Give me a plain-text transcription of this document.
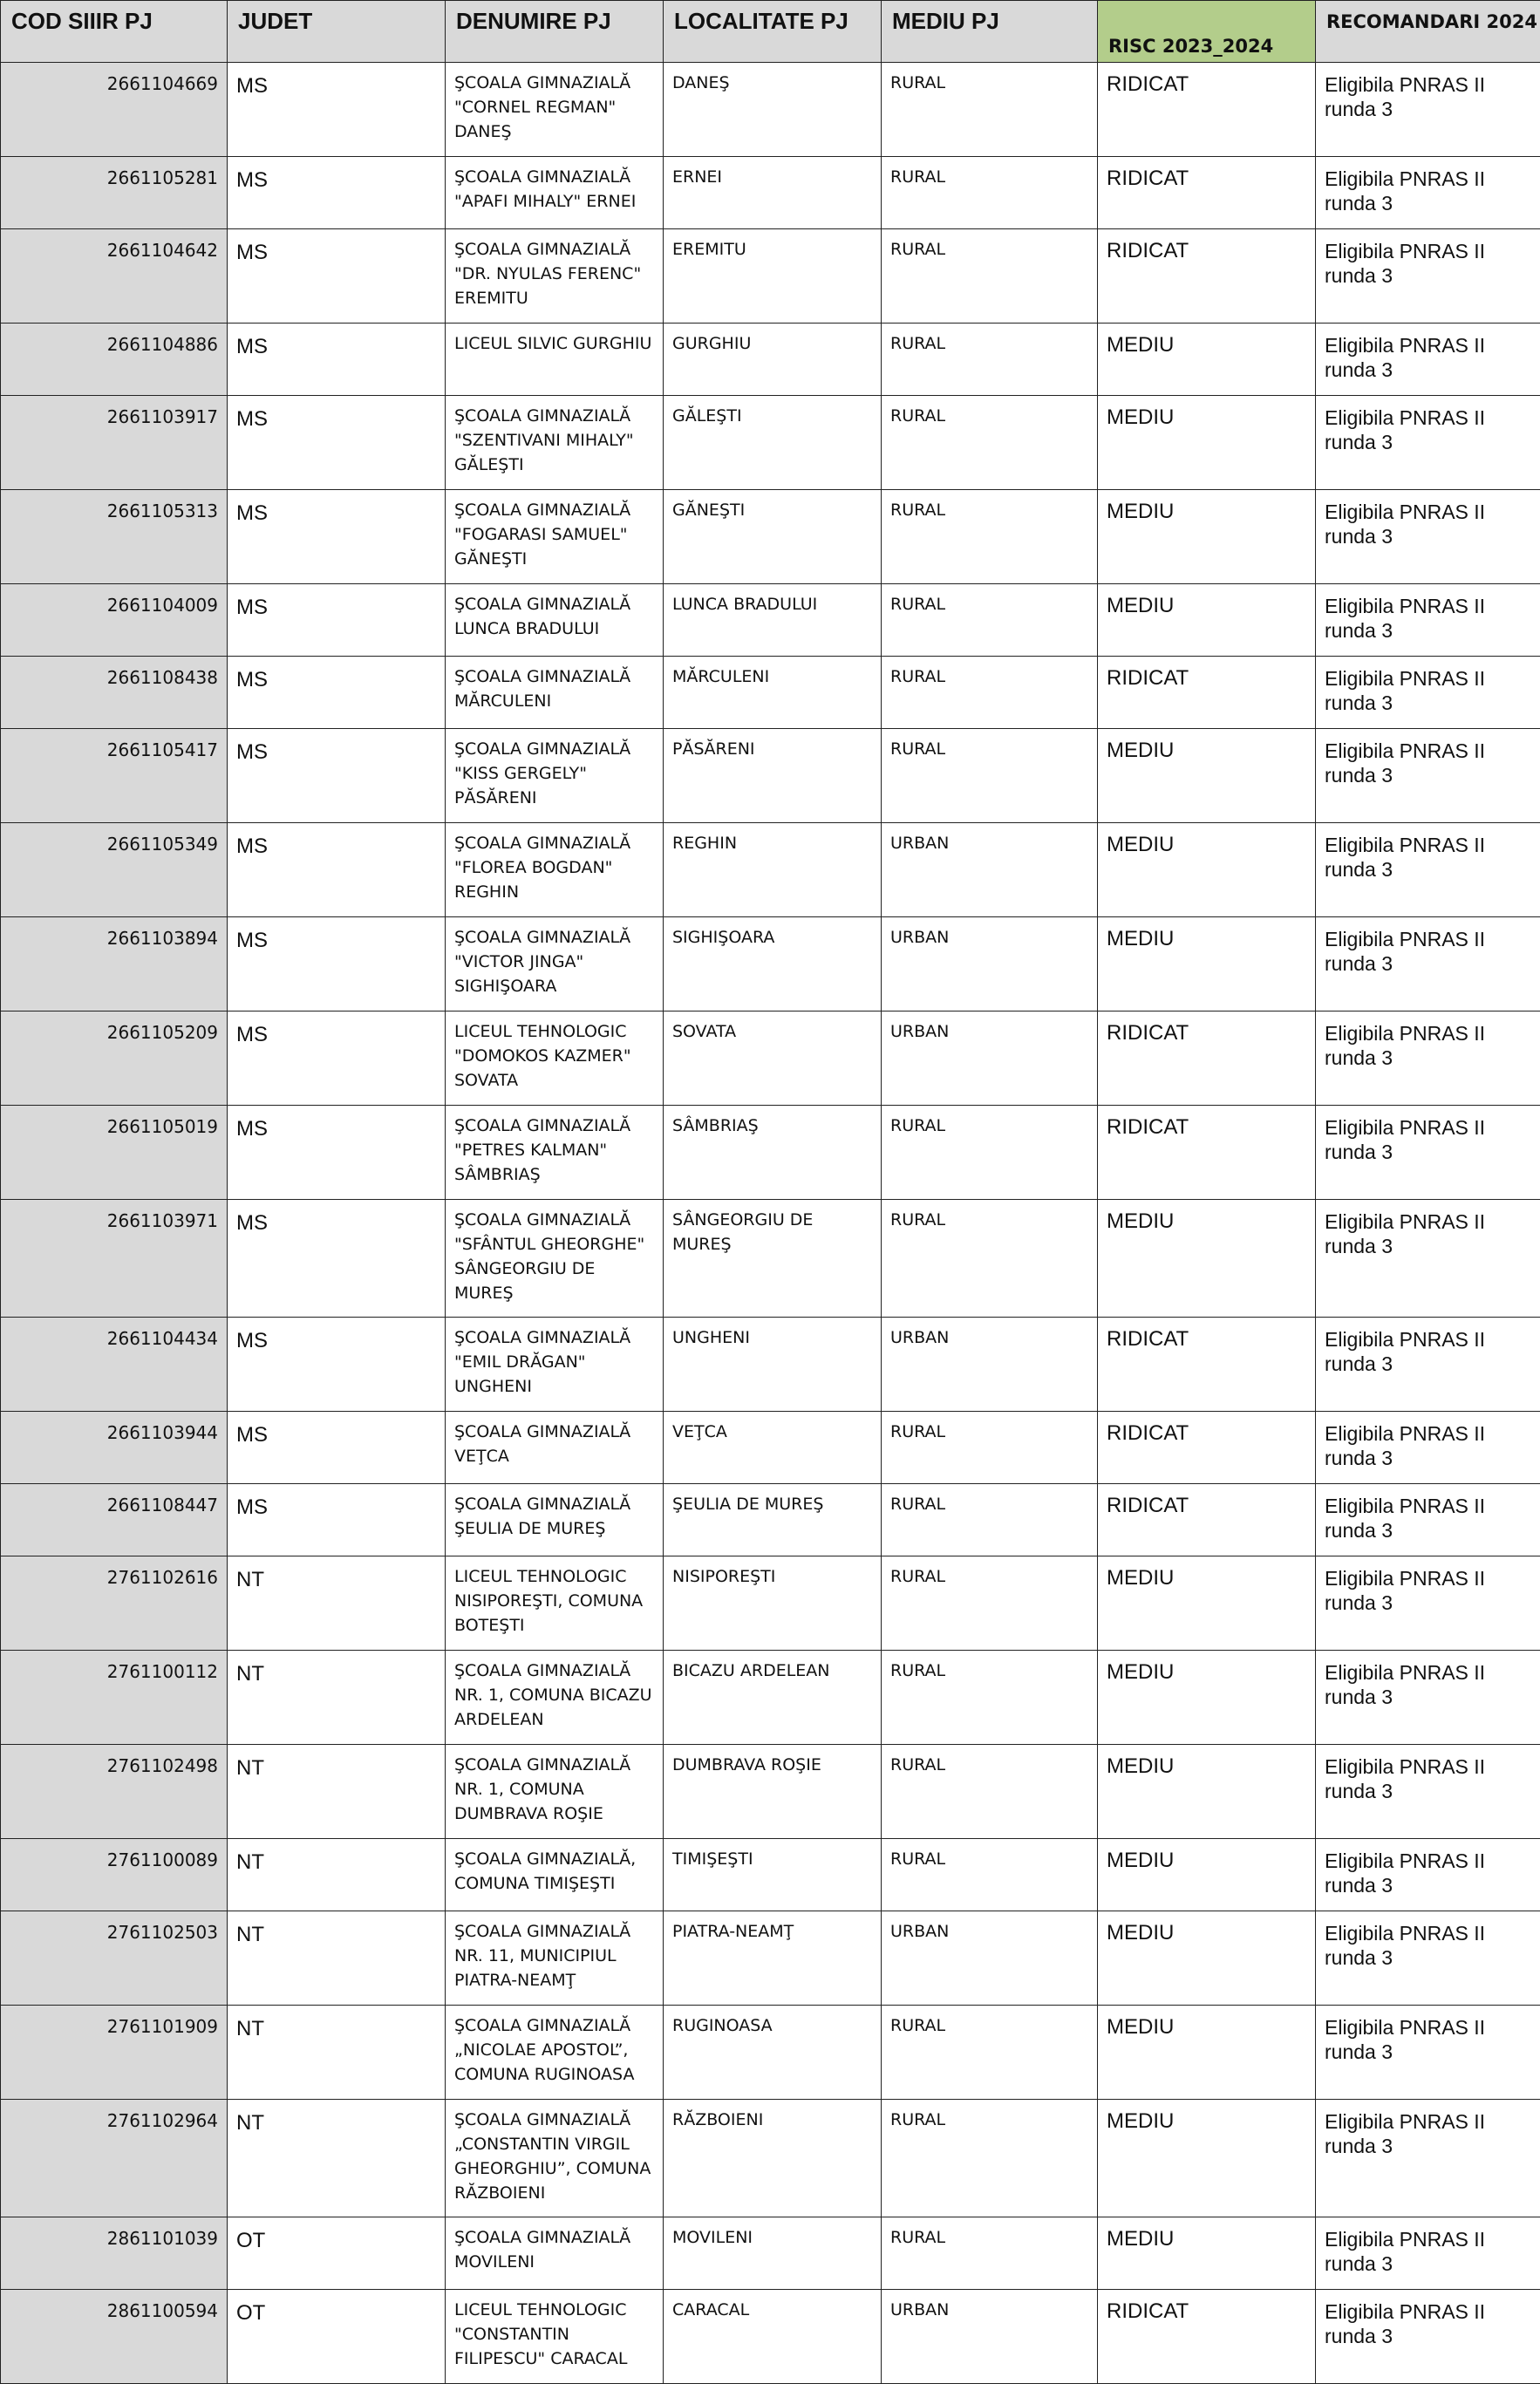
COD SIIIR PJ	JUDET	DENUMIRE PJ	LOCALITATE PJ	MEDIU PJ	RISC 2023_2024	RECOMANDARI 2024
2661104669	MS	ŞCOALA GIMNAZIALĂ "CORNEL REGMAN" DANEŞ	DANEŞ	RURAL	RIDICAT	Eligibila PNRAS II runda 3
2661105281	MS	ŞCOALA GIMNAZIALĂ "APAFI MIHALY" ERNEI	ERNEI	RURAL	RIDICAT	Eligibila PNRAS II runda 3
2661104642	MS	ŞCOALA GIMNAZIALĂ "DR. NYULAS FERENC" EREMITU	EREMITU	RURAL	RIDICAT	Eligibila PNRAS II runda 3
2661104886	MS	LICEUL SILVIC GURGHIU	GURGHIU	RURAL	MEDIU	Eligibila PNRAS II runda 3
2661103917	MS	ŞCOALA GIMNAZIALĂ "SZENTIVANI MIHALY" GĂLEŞTI	GĂLEŞTI	RURAL	MEDIU	Eligibila PNRAS II runda 3
2661105313	MS	ŞCOALA GIMNAZIALĂ "FOGARASI SAMUEL" GĂNEŞTI	GĂNEŞTI	RURAL	MEDIU	Eligibila PNRAS II runda 3
2661104009	MS	ŞCOALA GIMNAZIALĂ LUNCA BRADULUI	LUNCA BRADULUI	RURAL	MEDIU	Eligibila PNRAS II runda 3
2661108438	MS	ŞCOALA GIMNAZIALĂ MĂRCULENI	MĂRCULENI	RURAL	RIDICAT	Eligibila PNRAS II runda 3
2661105417	MS	ŞCOALA GIMNAZIALĂ "KISS GERGELY" PĂSĂRENI	PĂSĂRENI	RURAL	MEDIU	Eligibila PNRAS II runda 3
2661105349	MS	ŞCOALA GIMNAZIALĂ "FLOREA BOGDAN" REGHIN	REGHIN	URBAN	MEDIU	Eligibila PNRAS II runda 3
2661103894	MS	ŞCOALA GIMNAZIALĂ "VICTOR JINGA" SIGHIŞOARA	SIGHIŞOARA	URBAN	MEDIU	Eligibila PNRAS II runda 3
2661105209	MS	LICEUL TEHNOLOGIC "DOMOKOS KAZMER" SOVATA	SOVATA	URBAN	RIDICAT	Eligibila PNRAS II runda 3
2661105019	MS	ŞCOALA GIMNAZIALĂ "PETRES KALMAN" SÂMBRIAŞ	SÂMBRIAŞ	RURAL	RIDICAT	Eligibila PNRAS II runda 3
2661103971	MS	ŞCOALA GIMNAZIALĂ "SFÂNTUL GHEORGHE" SÂNGEORGIU DE MUREŞ	SÂNGEORGIU DE MUREŞ	RURAL	MEDIU	Eligibila PNRAS II runda 3
2661104434	MS	ŞCOALA GIMNAZIALĂ "EMIL DRĂGAN" UNGHENI	UNGHENI	URBAN	RIDICAT	Eligibila PNRAS II runda 3
2661103944	MS	ŞCOALA GIMNAZIALĂ VEŢCA	VEŢCA	RURAL	RIDICAT	Eligibila PNRAS II runda 3
2661108447	MS	ŞCOALA GIMNAZIALĂ ŞEULIA DE MUREŞ	ŞEULIA DE MUREŞ	RURAL	RIDICAT	Eligibila PNRAS II runda 3
2761102616	NT	LICEUL TEHNOLOGIC NISIPOREŞTI, COMUNA BOTEŞTI	NISIPOREŞTI	RURAL	MEDIU	Eligibila PNRAS II runda 3
2761100112	NT	ŞCOALA GIMNAZIALĂ NR. 1, COMUNA BICAZU ARDELEAN	BICAZU ARDELEAN	RURAL	MEDIU	Eligibila PNRAS II runda 3
2761102498	NT	ŞCOALA GIMNAZIALĂ NR. 1, COMUNA DUMBRAVA ROŞIE	DUMBRAVA ROŞIE	RURAL	MEDIU	Eligibila PNRAS II runda 3
2761100089	NT	ŞCOALA GIMNAZIALĂ, COMUNA TIMIŞEŞTI	TIMIŞEŞTI	RURAL	MEDIU	Eligibila PNRAS II runda 3
2761102503	NT	ŞCOALA GIMNAZIALĂ NR. 11, MUNICIPIUL PIATRA-NEAMŢ	PIATRA-NEAMŢ	URBAN	MEDIU	Eligibila PNRAS II runda 3
2761101909	NT	ŞCOALA GIMNAZIALĂ „NICOLAE APOSTOL”, COMUNA RUGINOASA	RUGINOASA	RURAL	MEDIU	Eligibila PNRAS II runda 3
2761102964	NT	ŞCOALA GIMNAZIALĂ „CONSTANTIN VIRGIL GHEORGHIU”, COMUNA RĂZBOIENI	RĂZBOIENI	RURAL	MEDIU	Eligibila PNRAS II runda 3
2861101039	OT	ŞCOALA GIMNAZIALĂ MOVILENI	MOVILENI	RURAL	MEDIU	Eligibila PNRAS II runda 3
2861100594	OT	LICEUL TEHNOLOGIC "CONSTANTIN FILIPESCU" CARACAL	CARACAL	URBAN	RIDICAT	Eligibila PNRAS II runda 3
